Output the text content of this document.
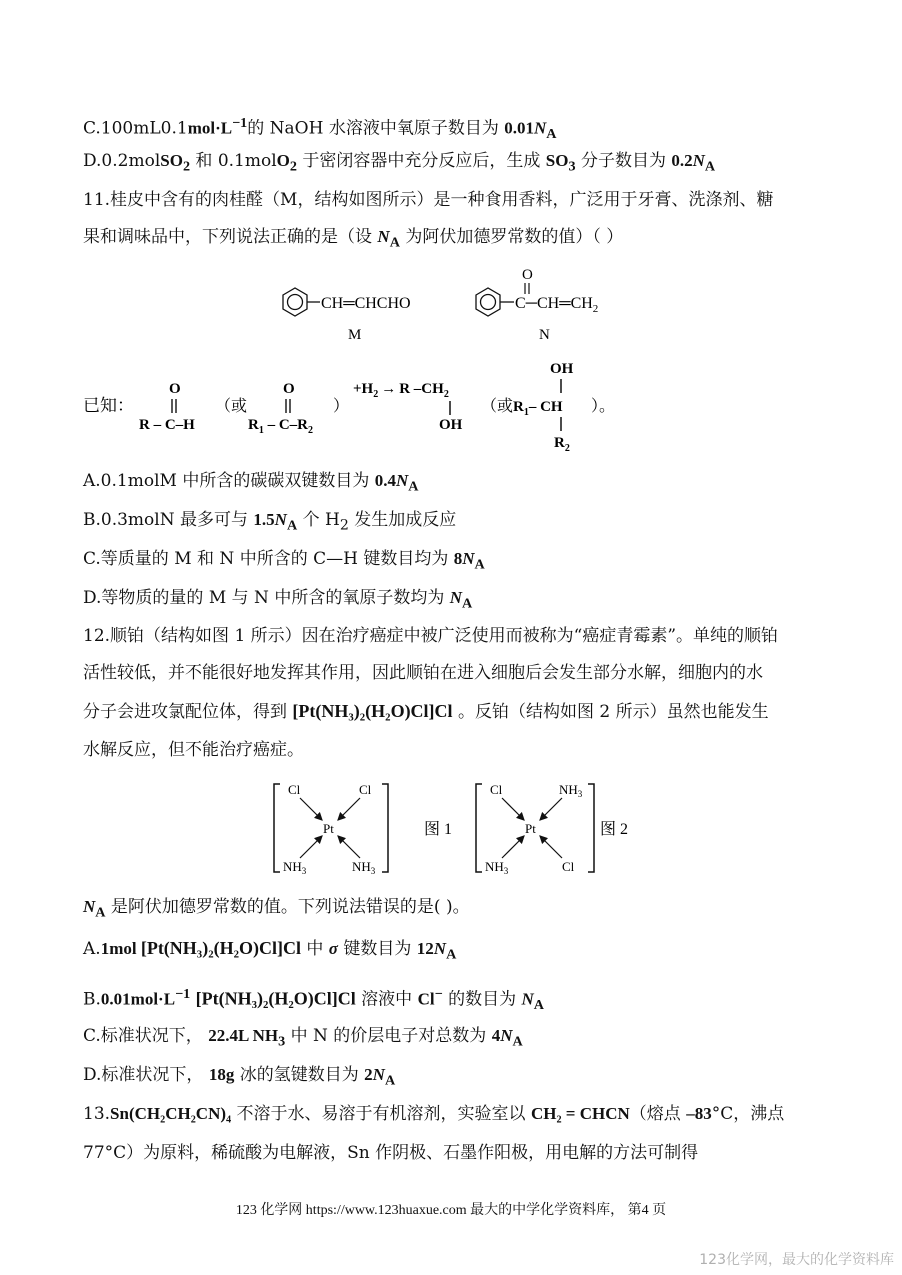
$C.100mL0.1mol\cdot L^{-1}$的 NaOH 水溶液中氧原子数目为 $0.01N_A$
D.0.2molSO$_2$ 和 0.1molO$_2$ 于密闭容器中充分反应后，生成 $SO_3$ 分子数目为 $0.2N_A$
11.桂皮中含有的肉桂醛（M，结构如图所示）是一种食用香料，广泛用于牙膏、洗涤剂、糖
果和调味品中，下列说法正确的是（设 $N_A$ 为阿伏加德罗常数的值）（ ）
CH═CHCHO
M
O
$C─CH═CH_2$
N
已知：
O
R – C–H
（或
O
$R_1 - C-R_2$
）
$+H_2 \to R$ $-CH_2$
OH
（或 $R_1-$ CH
OH
$R_2$
）。
A.0.1molM 中所含的碳碳双键数目为 $0.4N_A$
B.0.3molN 最多可与 $1.5N_A$ 个 $H_2$ 发生加成反应
C.等质量的 M 和 N 中所含的 C—H 键数目均为 $8N_A$
D.等物质的量的 M 与 N 中所含的氧原子数均为 $N_A$
12.顺铂（结构如图 1 所示）因在治疗癌症中被广泛使用而被称为“癌症青霉素”。单纯的顺铂
活性较低，并不能很好地发挥其作用，因此顺铂在进入细胞后会发生部分水解，细胞内的水
分子会进攻氯配位体，得到 [Pt(NH₃)₂(H₂O)Cl]Cl 。反铂（结构如图 2 所示）虽然也能发生
水解反应，但不能治疗癌症。
Cl	Cl
Pt
$NH_3$	$NH_3$
图 1
Cl	$NH_3$
Pt
$NH_3$	Cl
图 2
$N_A$ 是阿伏加德罗常数的值。下列说法错误的是( )。
A.1mol [Pt(NH₃)₂(H₂O)Cl]Cl 中 σ 键数目为 $12N_A$
$B.0.01mol\cdot L^{-1}$ [Pt(NH₃)₂(H₂O)Cl]Cl 溶液中 Cl− 的数目为 $N_A$
C.标准状况下， 22.4L $NH_3$ 中 N 的价层电子对总数为 $4N_A$
D.标准状况下， 18g 冰的氢键数目为 $2N_A$
13.Sn(CH₂CH₂CN)₄ 不溶于水、易溶于有机溶剂，实验室以 CH₂ = CHCN（熔点 –83°C，沸点
77°C）为原料，稀硫酸为电解液，Sn 作阴极、石墨作阳极，用电解的方法可制得
123 化学网 https://www.123huaxue.com 最大的中学化学资料库， 第4 页
123化学网，最大的化学资料库
